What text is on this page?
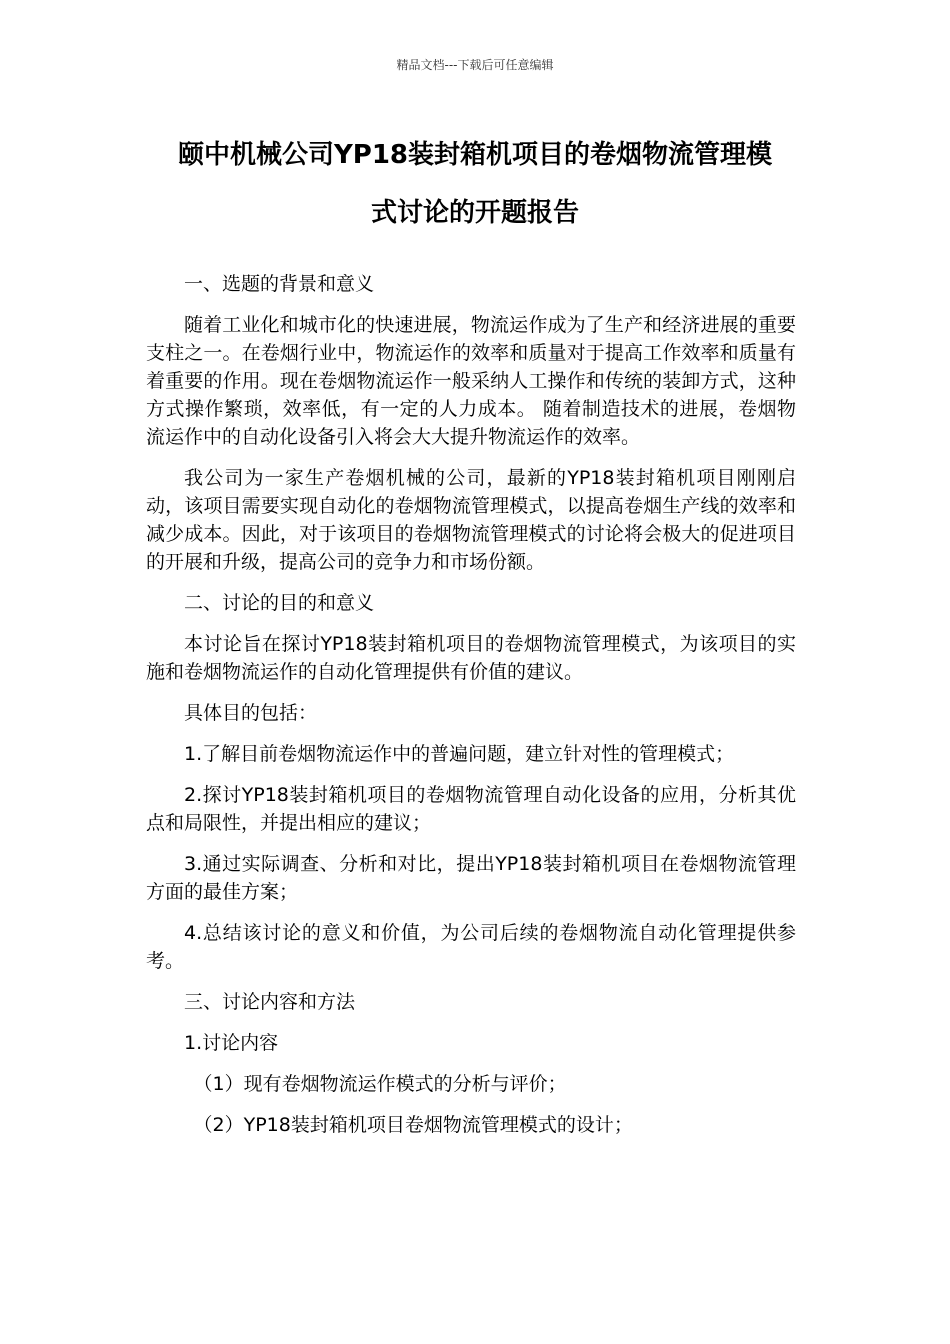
精品文档---下载后可任意编辑
颐中机械公司YP18装封箱机项目的卷烟物流管理模
式讨论的开题报告

一、选题的背景和意义

随着工业化和城市化的快速进展，物流运作成为了生产和经济进展的重要支柱之一。在卷烟行业中，物流运作的效率和质量对于提高工作效率和质量有着重要的作用。现在卷烟物流运作一般采纳人工操作和传统的装卸方式，这种方式操作繁琐，效率低，有一定的人力成本。 随着制造技术的进展，卷烟物流运作中的自动化设备引入将会大大提升物流运作的效率。

我公司为一家生产卷烟机械的公司，最新的YP18装封箱机项目刚刚启动，该项目需要实现自动化的卷烟物流管理模式，以提高卷烟生产线的效率和减少成本。因此，对于该项目的卷烟物流管理模式的讨论将会极大的促进项目的开展和升级，提高公司的竞争力和市场份额。

二、讨论的目的和意义

本讨论旨在探讨YP18装封箱机项目的卷烟物流管理模式，为该项目的实施和卷烟物流运作的自动化管理提供有价值的建议。

具体目的包括：

1.了解目前卷烟物流运作中的普遍问题，建立针对性的管理模式；

2.探讨YP18装封箱机项目的卷烟物流管理自动化设备的应用，分析其优点和局限性，并提出相应的建议；

3.通过实际调查、分析和对比，提出YP18装封箱机项目在卷烟物流管理方面的最佳方案；

4.总结该讨论的意义和价值，为公司后续的卷烟物流自动化管理提供参考。

三、讨论内容和方法

1.讨论内容

（1）现有卷烟物流运作模式的分析与评价；

（2）YP18装封箱机项目卷烟物流管理模式的设计；
